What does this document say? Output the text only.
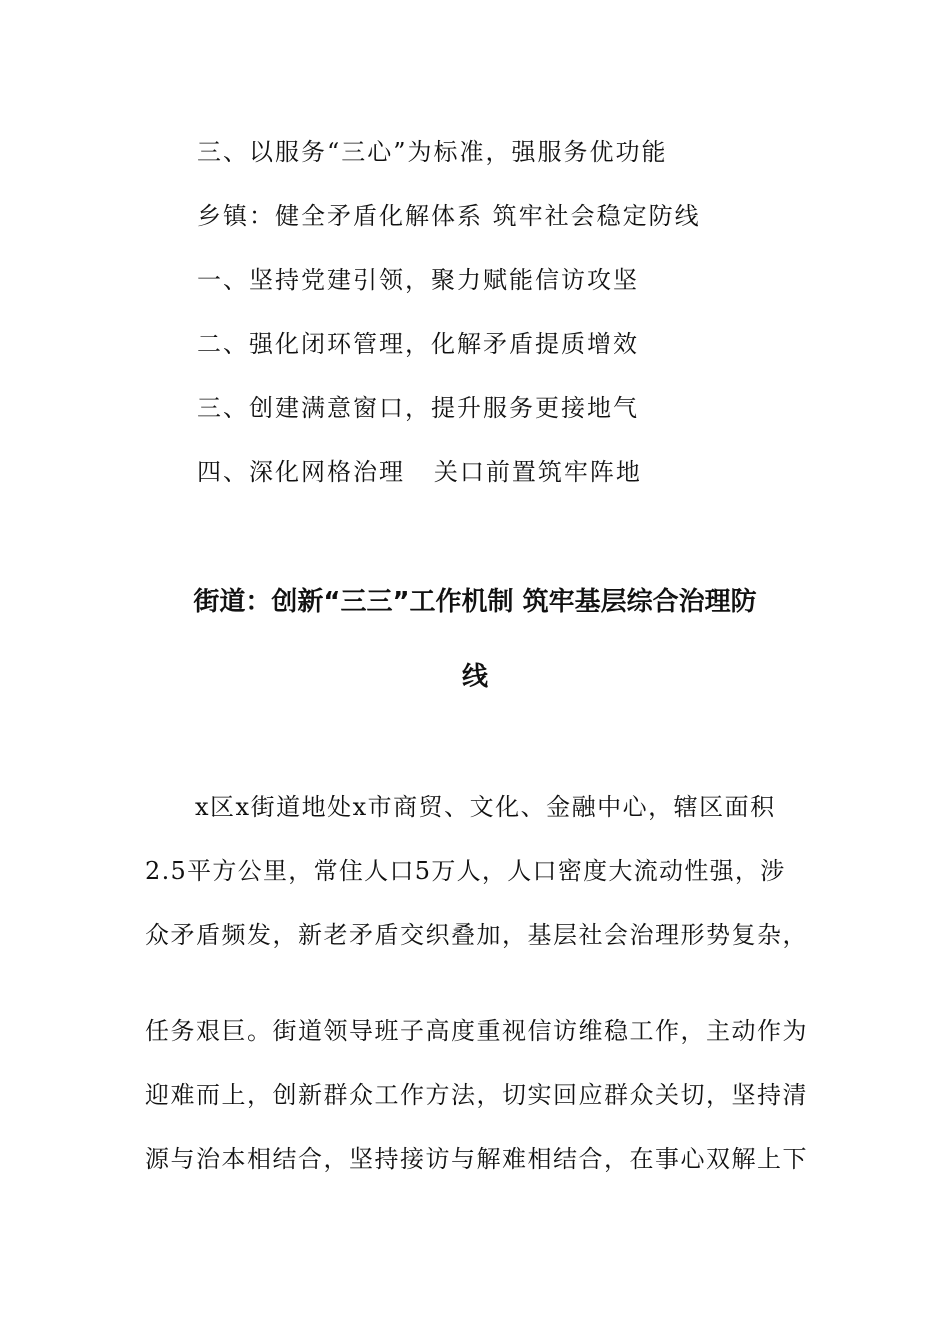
三、以服务“三心”为标准，强服务优功能

乡镇：健全矛盾化解体系 筑牢社会稳定防线

一、坚持党建引领，聚力赋能信访攻坚

二、强化闭环管理，化解矛盾提质增效

三、创建满意窗口，提升服务更接地气

四、深化网格治理   关口前置筑牢阵地

街道：创新“三三”工作机制 筑牢基层综合治理防
线

x区x街道地处x市商贸、文化、金融中心，辖区面积

2.5平方公里，常住人口5万人，人口密度大流动性强，涉

众矛盾频发，新老矛盾交织叠加，基层社会治理形势复杂，

任务艰巨。街道领导班子高度重视信访维稳工作，主动作为

迎难而上，创新群众工作方法，切实回应群众关切，坚持清

源与治本相结合，坚持接访与解难相结合，在事心双解上下
